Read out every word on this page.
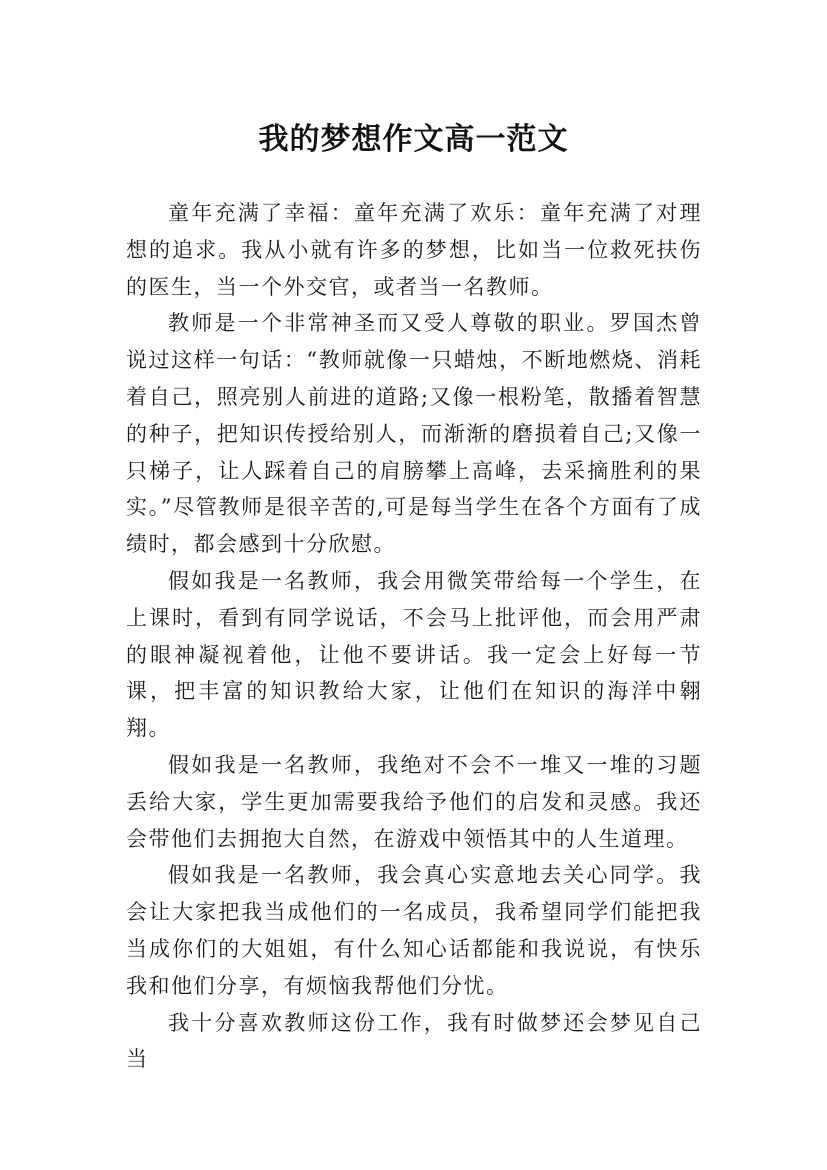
我的梦想作文高一范文

童年充满了幸福：童年充满了欢乐：童年充满了对理想的追求。我从小就有许多的梦想，比如当一位救死扶伤的医生，当一个外交官，或者当一名教师。

教师是一个非常神圣而又受人尊敬的职业。罗国杰曾说过这样一句话：“教师就像一只蜡烛，不断地燃烧、消耗着自己，照亮别人前进的道路;又像一根粉笔，散播着智慧的种子，把知识传授给别人，而渐渐的磨损着自己;又像一只梯子，让人踩着自己的肩膀攀上高峰，去采摘胜利的果实。”尽管教师是很辛苦的,可是每当学生在各个方面有了成绩时，都会感到十分欣慰。

假如我是一名教师，我会用微笑带给每一个学生，在上课时，看到有同学说话，不会马上批评他，而会用严肃的眼神凝视着他，让他不要讲话。我一定会上好每一节课，把丰富的知识教给大家，让他们在知识的海洋中翱翔。

假如我是一名教师，我绝对不会不一堆又一堆的习题丢给大家，学生更加需要我给予他们的启发和灵感。我还会带他们去拥抱大自然，在游戏中领悟其中的人生道理。

假如我是一名教师，我会真心实意地去关心同学。我会让大家把我当成他们的一名成员，我希望同学们能把我当成你们的大姐姐，有什么知心话都能和我说说，有快乐我和他们分享，有烦恼我帮他们分忧。

我十分喜欢教师这份工作，我有时做梦还会梦见自己当
